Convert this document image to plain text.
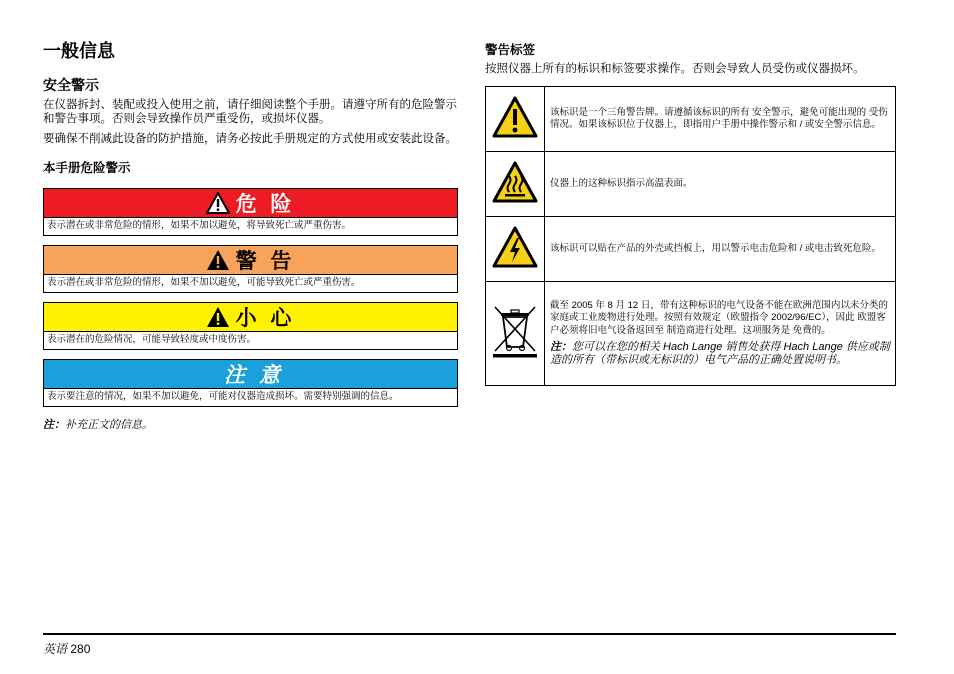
一般信息
安全警示

在仪器拆封、装配或投入使用之前，请仔细阅读整个手册。请遵守所有的危险警示和警告事项。否则会导致操作员严重受伤，或损坏仪器。

要确保不削减此设备的防护措施，请务必按此手册规定的方式使用或安装此设备。

本手册危险警示
危 险
表示潜在或非常危险的情形，如果不加以避免，将导致死亡或严重伤害。
警 告
表示潜在或非常危险的情形，如果不加以避免，可能导致死亡或严重伤害。
小 心
表示潜在的危险情况，可能导致轻度或中度伤害。
注 意
表示要注意的情况，如果不加以避免，可能对仪器造成损坏。需要特别强调的信息。
注：补充正文的信息。
警告标签

按照仪器上所有的标识和标签要求操作。否则会导致人员受伤或仪器损坏。

	该标识是一个三角警告牌。请遵循该标识的所有 安全警示，避免可能出现的 受伤情况。如果该标识位于仪器上，即指用户手册中操作警示和 / 或安全警示信息。
	仪器上的这种标识指示高温表面。
	该标识可以贴在产品的外壳或挡板上，用以警示电击危险和 / 或电击致死危险。

截至 2005 年 8 月 12 日，带有这种标识的电气设备不能在欧洲范围内以未分类的 家庭或工业废物进行处理。按照有效规定（欧盟指令 2002/96/EC），因此 欧盟客户必须将旧电气设备返回至 制造商进行处理。这项服务是 免费的。
注：您可以在您的相关 Hach Lange 销售处获得 Hach Lange 供应或制造的所有（带标识或无标识的）电气产品的正确处置说明书。
英语 280
